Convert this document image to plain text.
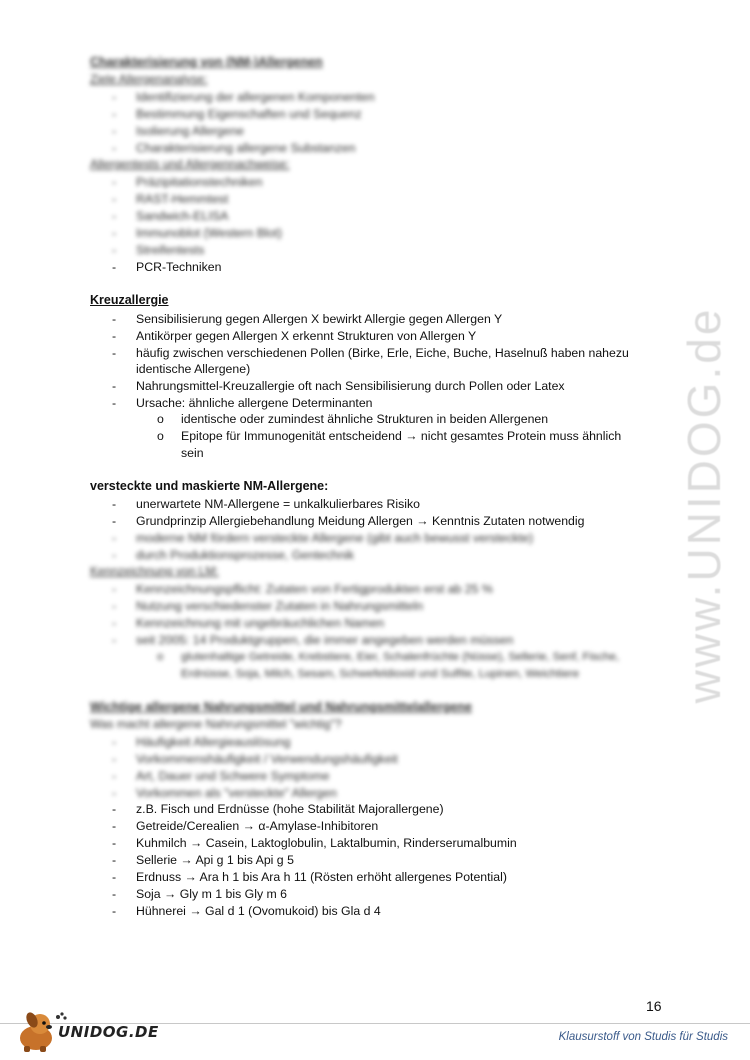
www.UNIDOG.de
Charakterisierung von (NM-)Allergenen
Ziele Allergenanalyse:
- Identifizierung der allergenen Komponenten
- Bestimmung Eigenschaften und Sequenz
- Isolierung Allergene
- Charakterisierung allergene Substanzen
Allergentests und Allergennachweise:
- Präzipitationstechniken
- RAST-Hemmtest
- Sandwich-ELISA
- Immunoblot (Western Blot)
- Streifentests
- PCR-Techniken
Kreuzallergie
- Sensibilisierung gegen Allergen X bewirkt Allergie gegen Allergen Y
- Antikörper gegen Allergen X erkennt Strukturen von Allergen Y
- häufig zwischen verschiedenen Pollen (Birke, Erle, Eiche, Buche, Haselnuß haben nahezu
identische Allergene)
- Nahrungsmittel-Kreuzallergie oft nach Sensibilisierung durch Pollen oder Latex
- Ursache: ähnliche allergene Determinanten
o identische oder zumindest ähnliche Strukturen in beiden Allergenen
o Epitope für Immunogenität entscheidend → nicht gesamtes Protein muss ähnlich
sein
versteckte und maskierte NM-Allergene:
- unerwartete NM-Allergene = unkalkulierbares Risiko
- Grundprinzip Allergiebehandlung Meidung Allergen → Kenntnis Zutaten notwendig
- moderne NM fördern versteckte Allergene (gibt auch bewusst versteckte)
- durch Produktionsprozesse, Gentechnik
Kennzeichnung von LM:
- Kennzeichnungspflicht: Zutaten von Fertigprodukten erst ab 25 %
- Nutzung verschiedenster Zutaten in Nahrungsmitteln
- Kennzeichnung mit ungebräuchlichen Namen
- seit 2005: 14 Produktgruppen, die immer angegeben werden müssen
o glutenhaltige Getreide, Krebstiere, Eier, Schalenfrüchte (Nüsse), Sellerie, Senf, Fische,
Erdnüsse, Soja, Milch, Sesam, Schwefeldioxid und Sulfite, Lupinen, Weichtiere
Wichtige allergene Nahrungsmittel und Nahrungsmittelallergene
Was macht allergene Nahrungsmittel "wichtig"?
- Häufigkeit Allergieauslösung
- Vorkommenshäufigkeit / Verwendungshäufigkeit
- Art, Dauer und Schwere Symptome
- Vorkommen als "versteckte" Allergen
- z.B. Fisch und Erdnüsse (hohe Stabilität Majorallergene)
- Getreide/Cerealien → α-Amylase-Inhibitoren
- Kuhmilch → Casein, Laktoglobulin, Laktalbumin, Rinderserumalbumin
- Sellerie → Api g 1 bis Api g 5
- Erdnuss → Ara h 1 bis Ara h 11 (Rösten erhöht allergenes Potential)
- Soja → Gly m 1 bis Gly m 6
- Hühnerei → Gal d 1 (Ovomukoid) bis Gla d 4
16
UNIDOG.DE	Klausurstoff von Studis für Studis
